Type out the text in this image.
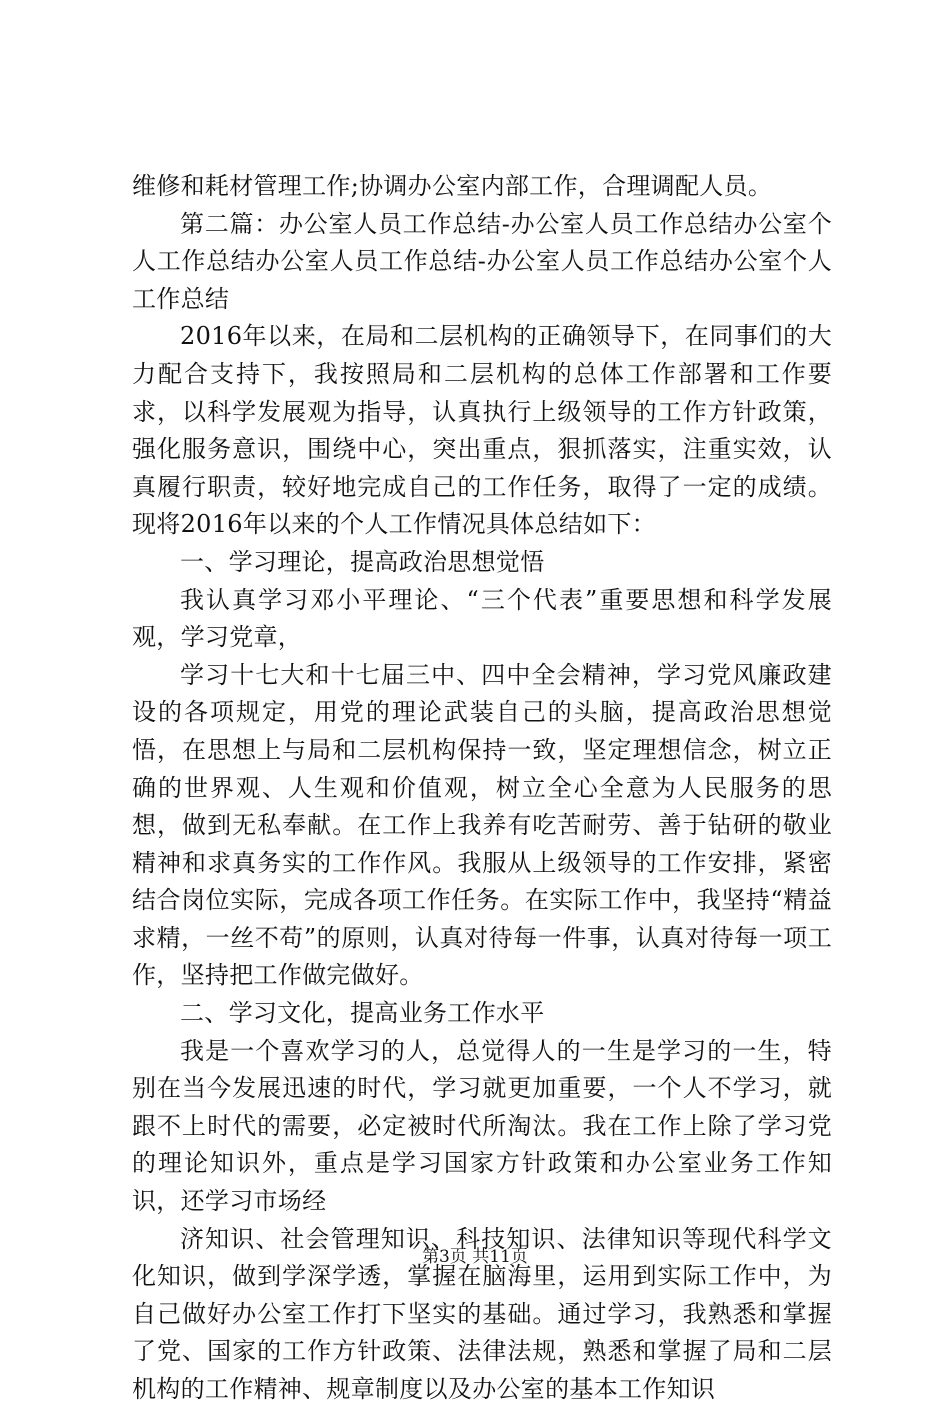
维修和耗材管理工作;协调办公室内部工作，合理调配人员。

第二篇：办公室人员工作总结-办公室人员工作总结办公室个人工作总结办公室人员工作总结-办公室人员工作总结办公室个人工作总结

2016年以来，在局和二层机构的正确领导下，在同事们的大力配合支持下，我按照局和二层机构的总体工作部署和工作要求，以科学发展观为指导，认真执行上级领导的工作方针政策，强化服务意识，围绕中心，突出重点，狠抓落实，注重实效，认真履行职责，较好地完成自己的工作任务，取得了一定的成绩。现将2016年以来的个人工作情况具体总结如下：

一、学习理论，提高政治思想觉悟

我认真学习邓小平理论、“三个代表”重要思想和科学发展观，学习党章，

学习十七大和十七届三中、四中全会精神，学习党风廉政建设的各项规定，用党的理论武装自己的头脑，提高政治思想觉悟，在思想上与局和二层机构保持一致，坚定理想信念，树立正确的世界观、人生观和价值观，树立全心全意为人民服务的思想，做到无私奉献。在工作上我养有吃苦耐劳、善于钻研的敬业精神和求真务实的工作作风。我服从上级领导的工作安排，紧密结合岗位实际，完成各项工作任务。在实际工作中，我坚持“精益求精，一丝不苟”的原则，认真对待每一件事，认真对待每一项工作，坚持把工作做完做好。

二、学习文化，提高业务工作水平

我是一个喜欢学习的人，总觉得人的一生是学习的一生，特别在当今发展迅速的时代，学习就更加重要，一个人不学习，就跟不上时代的需要，必定被时代所淘汰。我在工作上除了学习党的理论知识外，重点是学习国家方针政策和办公室业务工作知识，还学习市场经

济知识、社会管理知识、科技知识、法律知识等现代科学文化知识，做到学深学透，掌握在脑海里，运用到实际工作中，为自己做好办公室工作打下坚实的基础。通过学习，我熟悉和掌握了党、国家的工作方针政策、法律法规，熟悉和掌握了局和二层机构的工作精神、规章制度以及办公室的基本工作知识

第3页 共11页
